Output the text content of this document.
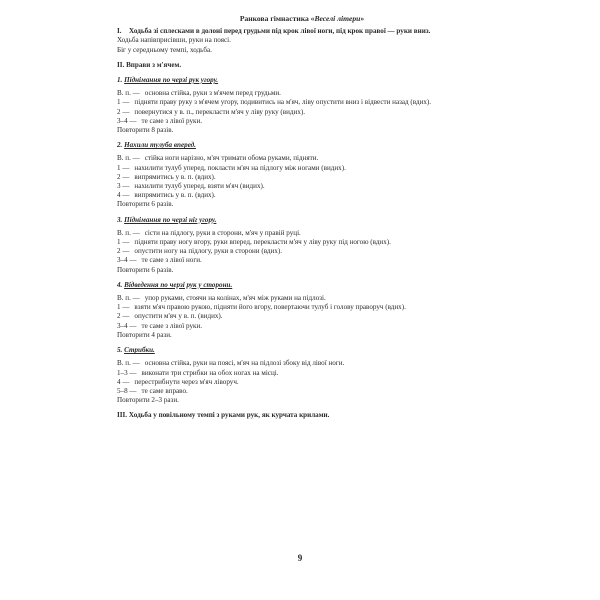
Ранкова гімнастика «Веселі літери»
I.	Ходьба зі сплесками в долоні перед грудьми під крок лівої ноги, під крок правої — руки вниз.

Ходьба напівприсівши, руки на поясі.

Біг у середньому темпі, ходьба.

II. Вправи з м'ячем.

1. Піднімання по черзі рук угору.

В. п. — основна стійка, руки з м'ячем перед грудьми.
1 — підняти праву руку з м'ячем угору, подивитись на м'яч, ліву опустити вниз і відвести назад (вдих).
2 — повернутися у в. п., перекласти м'яч у ліву руку (видих).
3–4 — те саме з лівої руки.

Повторити 8 разів.

2. Нахили тулуба вперед.

В. п. — стійка ноги нарізно, м'яч тримати обома руками, підняти.
1 — нахилити тулуб уперед, покласти м'яч на підлогу між ногами (видих).
2 — випрямитись у в. п. (вдих).
3 — нахилити тулуб уперед, взяти м'яч (видих).
4 — випрямитись у в. п. (вдих).

Повторити 6 разів.

3. Піднімання по черзі ніг угору.

В. п. — сісти на підлогу, руки в сторони, м'яч у правій руці.
1 — підняти праву ногу вгору, руки вперед, перекласти м'яч у ліву руку під ногою (вдих).
2 — опустити ногу на підлогу, руки в сторони (вдих).
3–4 — те саме з лівої ноги.

Повторити 6 разів.

4. Відведення по черзі рук у сторони.

В. п. — упор руками, стоячи на колінах, м'яч між руками на підлозі.
1 — взяти м'яч правою рукою, підняти його вгору, повертаючи тулуб і голову праворуч (вдих).
2 — опустити м'яч у в. п. (видих).
3–4 — те саме з лівої руки.

Повторити 4 рази.

5. Стрибки.

В. п. — основна стійка, руки на поясі, м'яч на підлозі збоку від лівої ноги.
1–3 — виконати три стрибки на обох ногах на місці.
4 — перестрибнути через м'яч ліворуч.
5–8 — те саме вправо.

Повторити 2–3 рази.

III. Ходьба у повільному темпі з руками рук, як курчата крилами.

9
